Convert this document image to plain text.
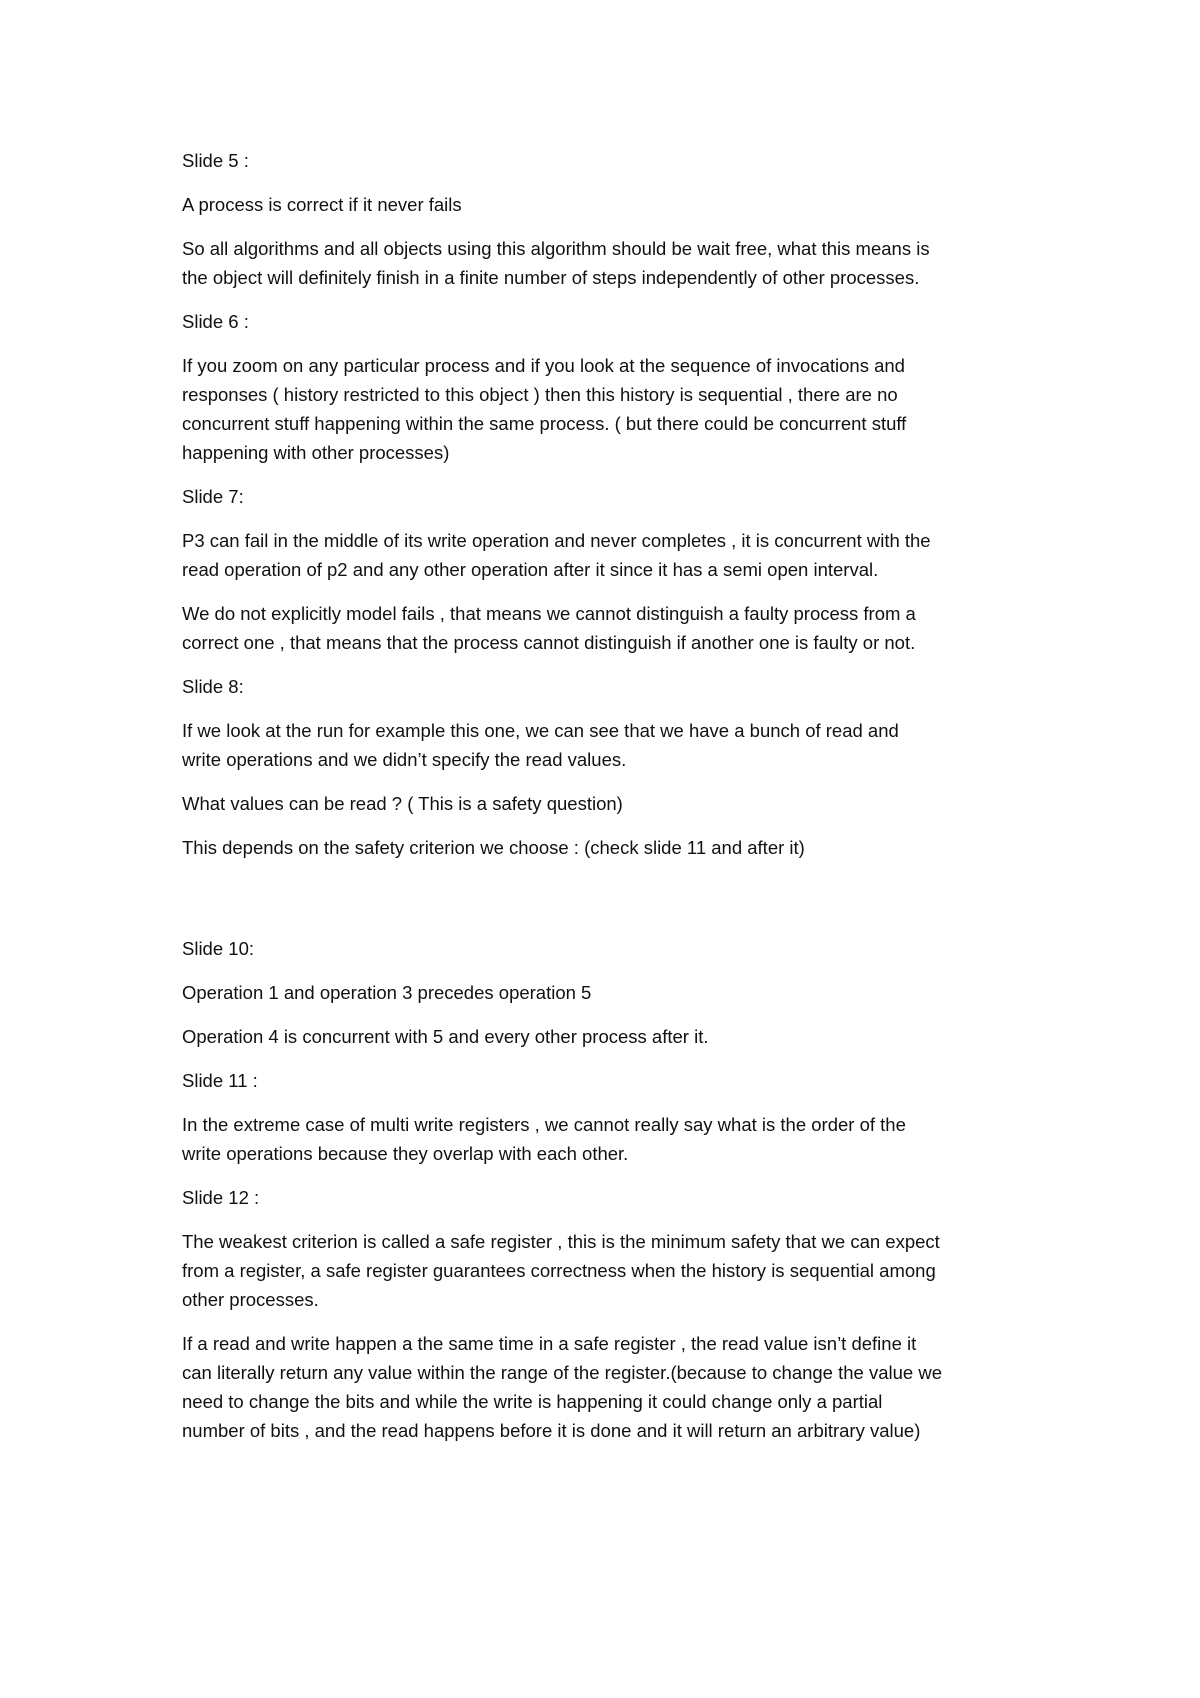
Slide 5 :

A process is correct if it never fails

So all algorithms and all objects using this algorithm should be wait free, what this means is
the object will definitely finish in a finite number of steps independently of other processes.

Slide 6 :

If you zoom on any particular process and if you look at the sequence of invocations and
responses ( history restricted to this object ) then this history is sequential , there are no
concurrent stuff happening within the same process. ( but there could be concurrent stuff
happening with other processes)

Slide 7:

P3 can fail in the middle of its write operation and never completes , it is concurrent with the
read operation of p2 and any other operation after it since it has a semi open interval.

We do not explicitly model fails , that means we cannot distinguish a faulty process from a
correct one , that means that the process cannot distinguish if another one is faulty or not.

Slide 8:

If we look at the run for example this one, we can see that we have a bunch of read and
write operations and we didn’t specify the read values.

What values can be read ? ( This is a safety question)

This depends on the safety criterion we choose : (check slide 11 and after it)

Slide 10:

Operation 1 and operation 3 precedes operation 5

Operation 4 is concurrent with 5 and every other process after it.

Slide 11 :

In the extreme case of multi write registers , we cannot really say what is the order of the
write operations because they overlap with each other.

Slide 12 :

The weakest criterion is called a safe register , this is the minimum safety that we can expect
from a register, a safe register guarantees correctness when the history is sequential among
other processes.

If a read and write happen a the same time in a safe register , the read value isn’t define it
can literally return any value within the range of the register.(because to change the value we
need to change the bits and while the write is happening it could change only a partial
number of bits , and the read happens before it is done and it will return an arbitrary value)
